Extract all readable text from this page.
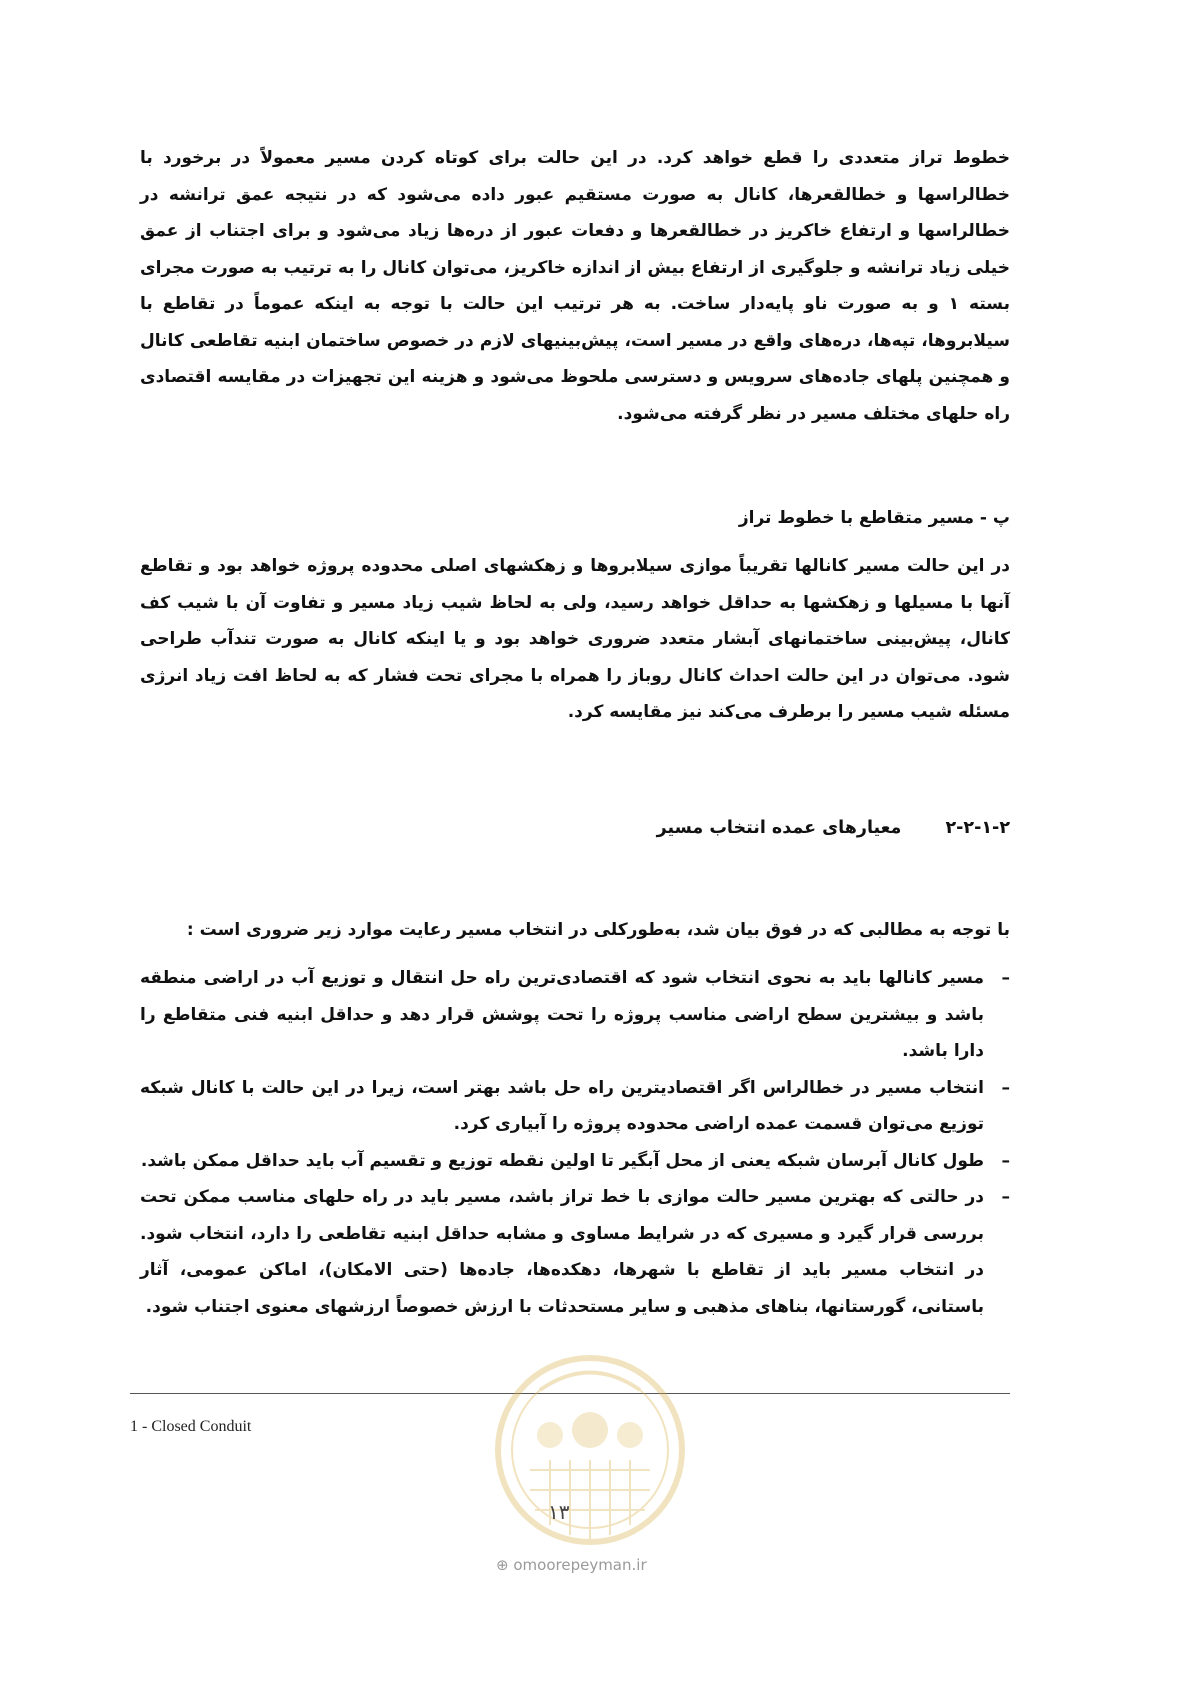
خطوط تراز متعددی را قطع خواهد کرد. در این حالت برای کوتاه کردن مسیر معمولاً در برخورد با خطالراسها و خطالقعرها، کانال به صورت مستقیم عبور داده می‌شود که در نتیجه عمق ترانشه در خطالراسها و ارتفاع خاکریز در خطالقعرها و دفعات عبور از دره‌ها زیاد می‌شود و برای اجتناب از عمق خیلی زیاد ترانشه و جلوگیری از ارتفاع بیش از اندازه خاکریز، می‌توان کانال را به ترتیب به صورت مجرای بسته ۱ و به صورت ناو پایه‌دار ساخت. به هر ترتیب این حالت با توجه به اینکه عموماً در تقاطع با سیلابروها، تپه‌ها، دره‌های واقع در مسیر است، پیش‌بینیهای لازم در خصوص ساختمان ابنیه تقاطعی کانال و همچنین پلهای جاده‌های سرویس و دسترسی ملحوظ می‌شود و هزینه این تجهیزات در مقایسه اقتصادی راه حلهای مختلف مسیر در نظر گرفته می‌شود.
پ - مسیر متقاطع با خطوط تراز
در این حالت مسیر کانالها تقریباً موازی سیلابروها و زهکشهای اصلی محدوده پروژه خواهد بود و تقاطع آنها با مسیلها و زهکشها به حداقل خواهد رسید، ولی به لحاظ شیب زیاد مسیر و تفاوت آن با شیب کف کانال، پیش‌بینی ساختمانهای آبشار متعدد ضروری خواهد بود و یا اینکه کانال به صورت تندآب طراحی شود. می‌توان در این حالت احداث کانال روباز را همراه با مجرای تحت فشار که به لحاظ افت زیاد انرژی مسئله شیب مسیر را برطرف می‌کند نیز مقایسه کرد.
۲-۲-۱-۲ معیارهای عمده انتخاب مسیر
با توجه به مطالبی که در فوق بیان شد، به‌طورکلی در انتخاب مسیر رعایت موارد زیر ضروری است :
–
مسیر کانالها باید به نحوی انتخاب شود که اقتصادی‌ترین راه حل انتقال و توزیع آب در اراضی منطقه باشد و بیشترین سطح اراضی مناسب پروژه را تحت پوشش قرار دهد و حداقل ابنیه فنی متقاطع را دارا باشد.
–
انتخاب مسیر در خطالراس اگر اقتصادیترین راه حل باشد بهتر است، زیرا در این حالت با کانال شبکه توزیع می‌توان قسمت عمده اراضی محدوده پروژه را آبیاری کرد.
–
طول کانال آبرسان شبکه یعنی از محل آبگیر تا اولین نقطه توزیع و تقسیم آب باید حداقل ممکن باشد.
–
در حالتی که بهترین مسیر حالت موازی با خط تراز باشد، مسیر باید در راه حلهای مناسب ممکن تحت بررسی قرار گیرد و مسیری که در شرایط مساوی و مشابه حداقل ابنیه تقاطعی را دارد، انتخاب شود. در انتخاب مسیر باید از تقاطع با شهرها، دهکده‌ها، جاده‌ها (حتی الامکان)، اماکن عمومی، آثار باستانی، گورستانها، بناهای مذهبی و سایر مستحدثات با ارزش خصوصاً ارزشهای معنوی اجتناب شود.
1 - Closed Conduit
۱۳
⊕ omoorepeyman.ir
